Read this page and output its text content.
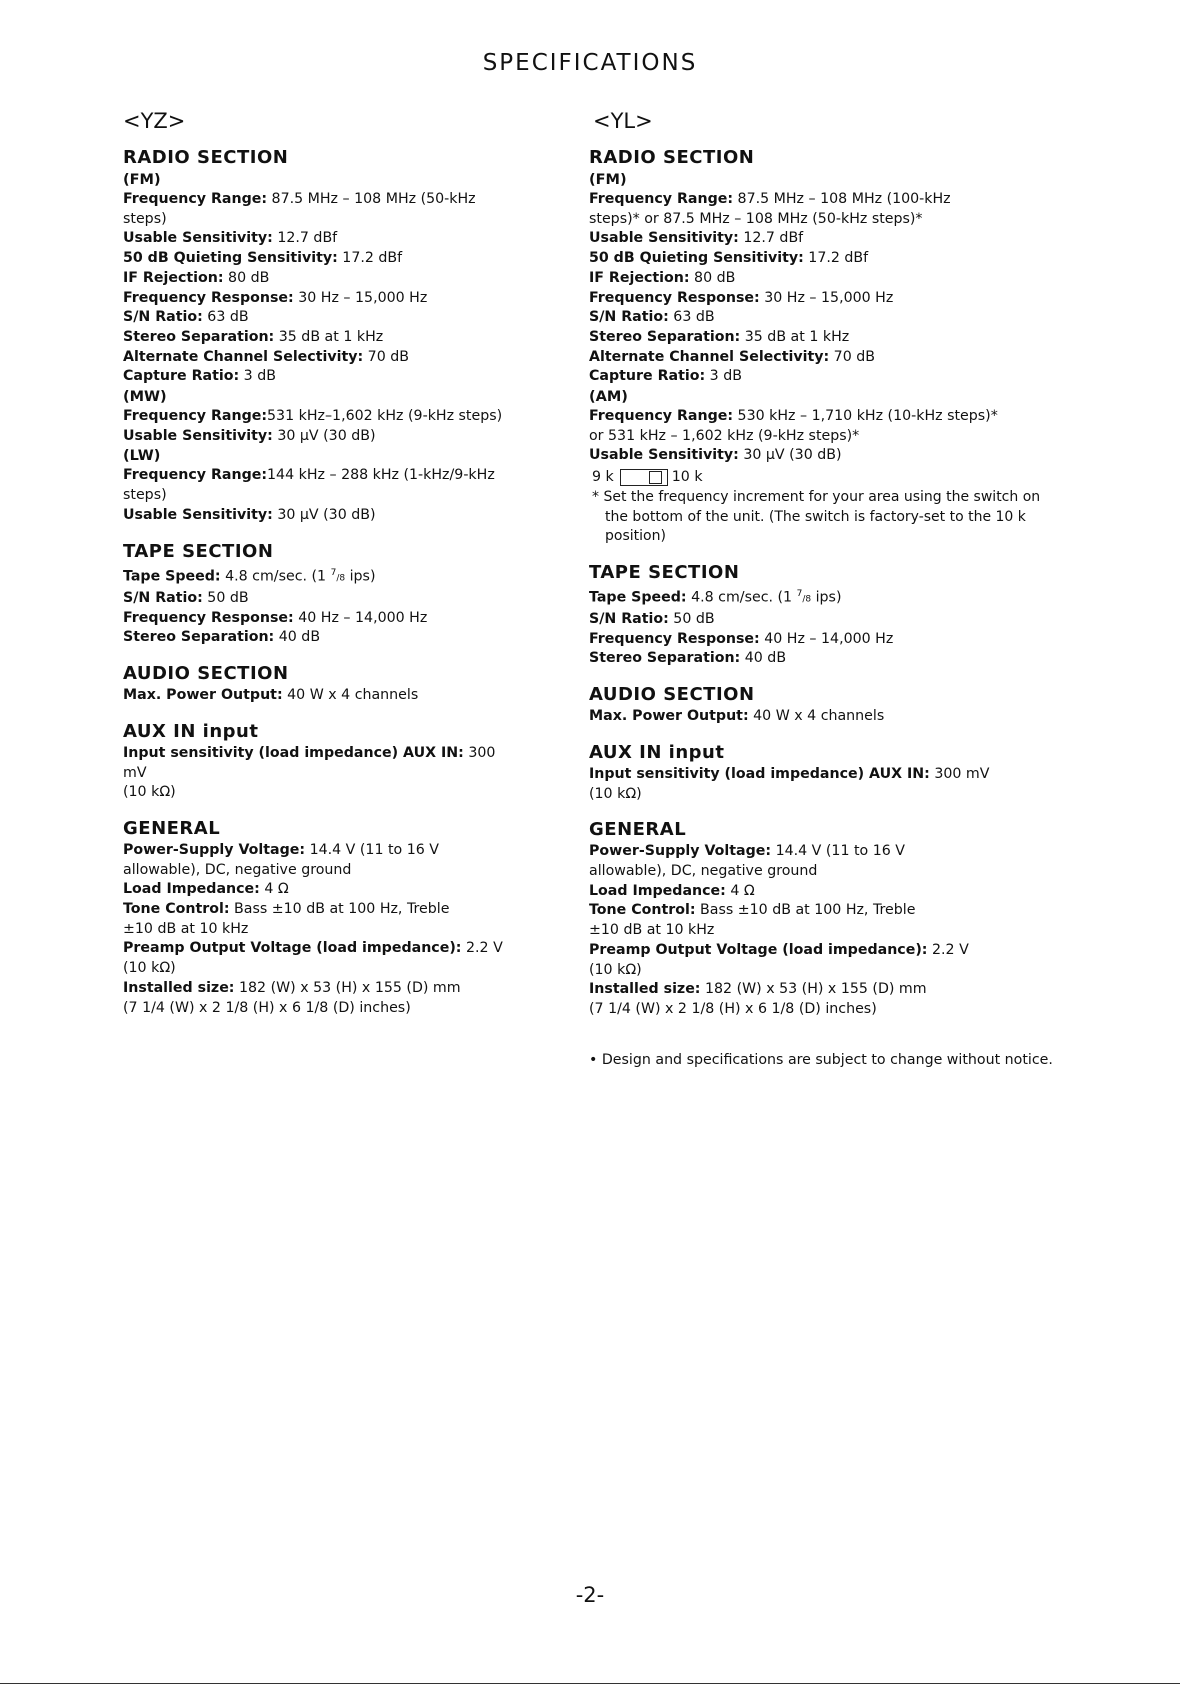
SPECIFICATIONS
<YZ>
RADIO SECTION
(FM)
Frequency Range: 87.5 MHz – 108 MHz (50-kHz
steps)
Usable Sensitivity: 12.7 dBf
50 dB Quieting Sensitivity: 17.2 dBf
IF Rejection: 80 dB
Frequency Response: 30 Hz – 15,000 Hz
S/N Ratio: 63 dB
Stereo Separation: 35 dB at 1 kHz
Alternate Channel Selectivity: 70 dB
Capture Ratio: 3 dB
(MW)
Frequency Range:531 kHz–1,602 kHz (9-kHz steps)
Usable Sensitivity: 30 µV (30 dB)
(LW)
Frequency Range:144 kHz – 288 kHz (1-kHz/9-kHz
steps)
Usable Sensitivity: 30 µV (30 dB)
TAPE SECTION
Tape Speed: 4.8 cm/sec. (1 $^7$/8 ips)
S/N Ratio: 50 dB
Frequency Response: 40 Hz – 14,000 Hz
Stereo Separation: 40 dB
AUDIO SECTION
Max. Power Output: 40 W x 4 channels
AUX IN input
Input sensitivity (load impedance) AUX IN: 300 mV
(10 kΩ)
GENERAL
Power-Supply Voltage: 14.4 V (11 to 16 V
allowable), DC, negative ground
Load Impedance: 4 Ω
Tone Control: Bass ±10 dB at 100 Hz, Treble
±10 dB at 10 kHz
Preamp Output Voltage (load impedance): 2.2 V
(10 kΩ)
Installed size: 182 (W) x 53 (H) x 155 (D) mm
(7 1/4 (W) x 2 1/8 (H) x 6 1/8 (D) inches)
<YL>
RADIO SECTION
(FM)
Frequency Range: 87.5 MHz – 108 MHz (100-kHz
steps)* or 87.5 MHz – 108 MHz (50-kHz steps)*
Usable Sensitivity: 12.7 dBf
50 dB Quieting Sensitivity: 17.2 dBf
IF Rejection: 80 dB
Frequency Response: 30 Hz – 15,000 Hz
S/N Ratio: 63 dB
Stereo Separation: 35 dB at 1 kHz
Alternate Channel Selectivity: 70 dB
Capture Ratio: 3 dB
(AM)
Frequency Range: 530 kHz – 1,710 kHz (10-kHz steps)*
or 531 kHz – 1,602 kHz (9-kHz steps)*
Usable Sensitivity: 30 µV (30 dB)
9 k	10 k
* Set the frequency increment for your area using the switch on the bottom of the unit. (The switch is factory-set to the 10 k position)
TAPE SECTION
Tape Speed: 4.8 cm/sec. (1 $^7$/8 ips)
S/N Ratio: 50 dB
Frequency Response: 40 Hz – 14,000 Hz
Stereo Separation: 40 dB
AUDIO SECTION
Max. Power Output: 40 W x 4 channels
AUX IN input
Input sensitivity (load impedance) AUX IN: 300 mV
(10 kΩ)
GENERAL
Power-Supply Voltage: 14.4 V (11 to 16 V
allowable), DC, negative ground
Load Impedance: 4 Ω
Tone Control: Bass ±10 dB at 100 Hz, Treble
±10 dB at 10 kHz
Preamp Output Voltage (load impedance): 2.2 V
(10 kΩ)
Installed size: 182 (W) x 53 (H) x 155 (D) mm
(7 1/4 (W) x 2 1/8 (H) x 6 1/8 (D) inches)
• Design and specifications are subject to change without notice.
-2-
